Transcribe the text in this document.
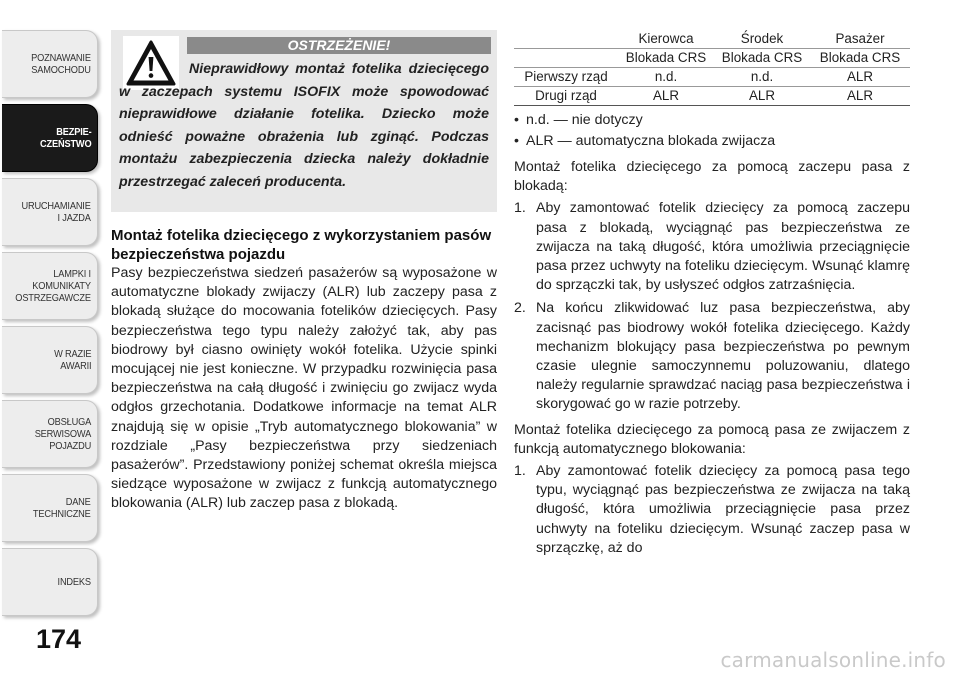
POZNAWANIE
SAMOCHODU
BEZPIE-
CZEŃSTWO
URUCHAMIANIE
I JAZDA
LAMPKI I
KOMUNIKATY
OSTRZEGAWCZE
W RAZIE
AWARII
OBSŁUGA
SERWISOWA
POJAZDU
DANE
TECHNICZNE
INDEKS
174
OSTRZEŻENIE!
Nieprawidłowy montaż fotelika dziecięcego w zaczepach systemu ISOFIX może spowodować nieprawidłowe działanie fotelika. Dziecko może odnieść poważne obrażenia lub zginąć. Podczas montażu zabezpieczenia dziecka należy dokładnie przestrzegać zaleceń producenta.
Montaż fotelika dziecięcego z wykorzystaniem pasów bezpieczeństwa pojazdu

Pasy bezpieczeństwa siedzeń pasażerów są wyposażone w automatyczne blokady zwijaczy (ALR) lub zaczepy pasa z blokadą służące do mocowania fotelików dziecięcych. Pasy bezpieczeństwa tego typu należy założyć tak, aby pas biodrowy był ciasno owinięty wokół fotelika. Użycie spinki mocującej nie jest konieczne. W przypadku rozwinięcia pasa bezpieczeństwa na całą długość i zwinięciu go zwijacz wyda odgłos grzechotania. Dodatkowe informacje na temat ALR znajdują się w opisie „Tryb automatycznego blokowania” w rozdziale „Pasy bezpieczeństwa przy siedzeniach pasażerów”. Przedstawiony poniżej schemat określa miejsca siedzące wyposażone w zwijacz z funkcją automatycznego blokowania (ALR) lub zaczep pasa z blokadą.

	Kierowca	Środek	Pasażer
	Blokada CRS	Blokada CRS	Blokada CRS
Pierwszy rząd	n.d.	n.d.	ALR
Drugi rząd	ALR	ALR	ALR
• n.d. — nie dotyczy
• ALR — automatyczna blokada zwijacza

Montaż fotelika dziecięcego za pomocą zaczepu pasa z blokadą:

1. Aby zamontować fotelik dziecięcy za pomocą zaczepu pasa z blokadą, wyciągnąć pas bezpieczeństwa ze zwijacza na taką długość, która umożliwia przeciągnięcie pasa przez uchwyty na foteliku dziecięcym. Wsunąć klamrę do sprzączki tak, by usłyszeć odgłos zatrzaśnięcia.
2. Na końcu zlikwidować luz pasa bezpieczeństwa, aby zacisnąć pas biodrowy wokół fotelika dziecięcego. Każdy mechanizm blokujący pasa bezpieczeństwa po pewnym czasie ulegnie samoczynnemu poluzowaniu, dlatego należy regularnie sprawdzać naciąg pasa bezpieczeństwa i skorygować go w razie potrzeby.

Montaż fotelika dziecięcego za pomocą pasa ze zwijaczem z funkcją automatycznego blokowania:

1. Aby zamontować fotelik dziecięcy za pomocą pasa tego typu, wyciągnąć pas bezpieczeństwa ze zwijacza na taką długość, która umożliwia przeciągnięcie pasa przez uchwyty na foteliku dziecięcym. Wsunąć zaczep pasa w sprzączkę, aż do
carmanualsonline.info
